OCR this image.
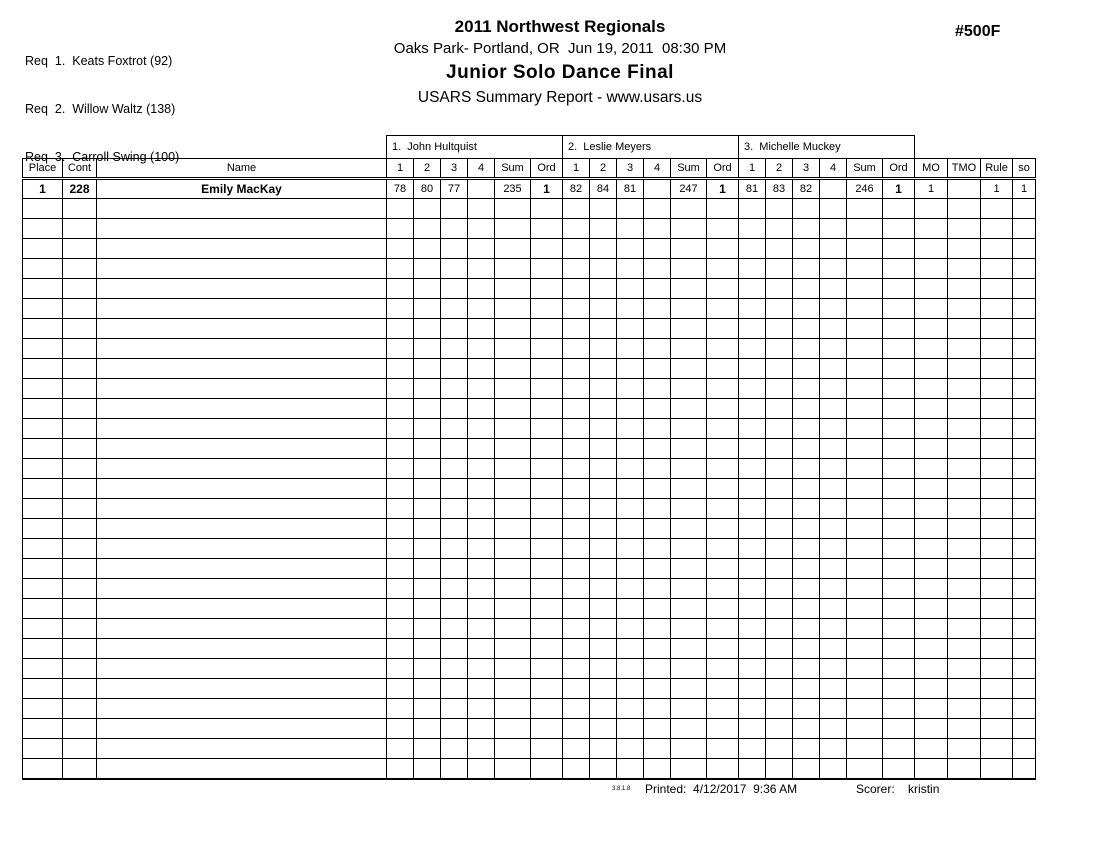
Req  1.  Keats Foxtrot (92)

Req  2.  Willow Waltz (138)

Req  3.  Carroll Swing (100)

2011 Northwest Regionals
Oaks Park- Portland, OR  Jun 19, 2011  08:30 PM
Junior Solo Dance Final
USARS Summary Report - www.usars.us
#500F
			1.  John Hultquist						2.  Leslie Meyers						3.  Michelle Muckey									
Place	Cont	Name	1	2	3	4	Sum	Ord	1	2	3	4	Sum	Ord	1	2	3	4	Sum	Ord	MO	TMO	Rule	so
1	228	Emily MacKay	78	80	77		235	1	82	84	81		247	1	81	83	82		246	1	1		1	1

3.8.1.8 Printed: 4/12/2017  9:36 AM	Scorer: kristin
